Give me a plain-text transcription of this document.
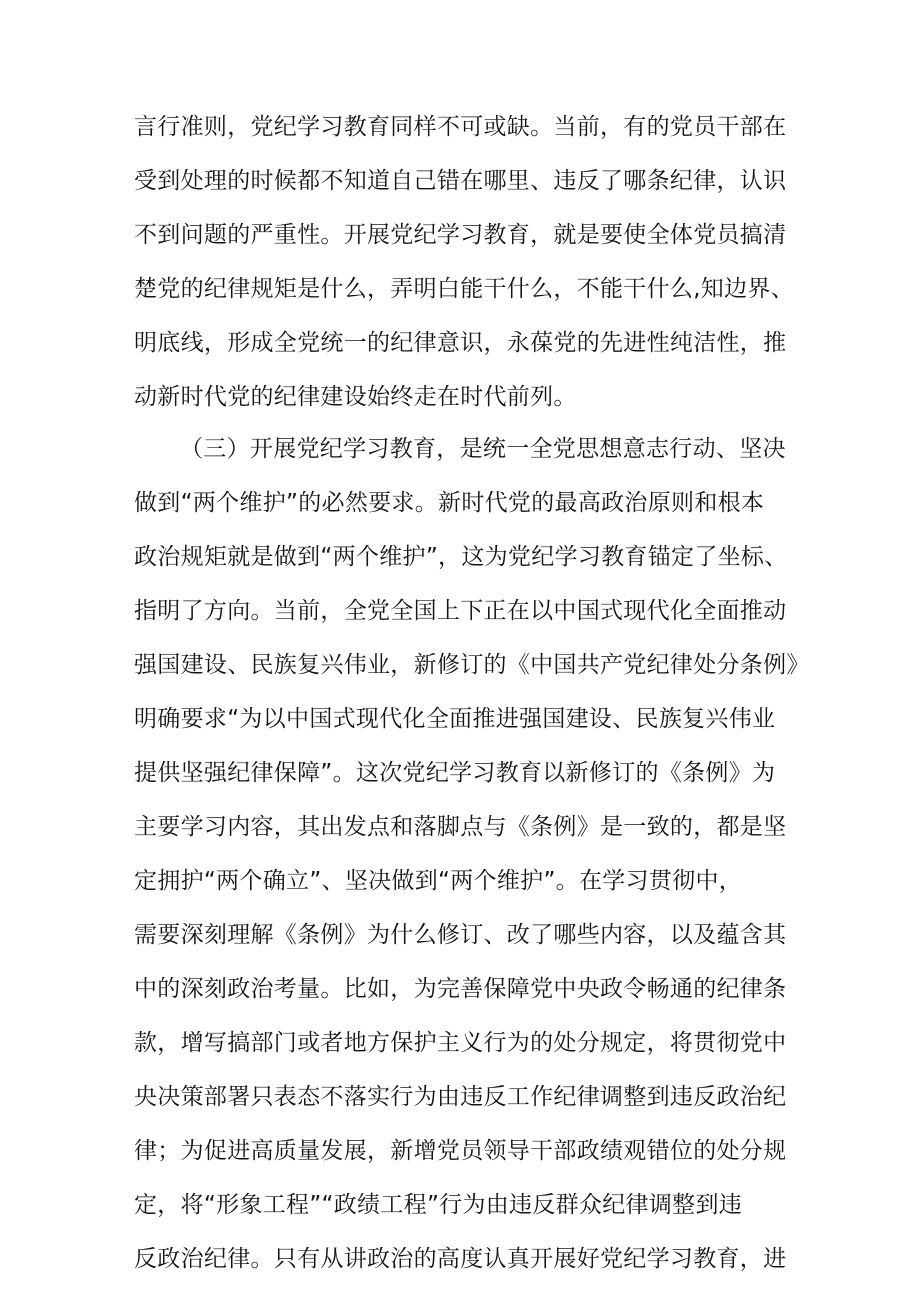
言行准则，党纪学习教育同样不可或缺。当前，有的党员干部在
受到处理的时候都不知道自己错在哪里、违反了哪条纪律，认识
不到问题的严重性。开展党纪学习教育，就是要使全体党员搞清
楚党的纪律规矩是什么，弄明白能干什么，不能干什么,知边界、
明底线，形成全党统一的纪律意识，永葆党的先进性纯洁性，推
动新时代党的纪律建设始终走在时代前列。
（三）开展党纪学习教育，是统一全党思想意志行动、坚决
做到“两个维护”的必然要求。新时代党的最高政治原则和根本
政治规矩就是做到“两个维护”，这为党纪学习教育锚定了坐标、
指明了方向。当前，全党全国上下正在以中国式现代化全面推动
强国建设、民族复兴伟业，新修订的《中国共产党纪律处分条例》
明确要求“为以中国式现代化全面推进强国建设、民族复兴伟业
提供坚强纪律保障”。这次党纪学习教育以新修订的《条例》为
主要学习内容，其出发点和落脚点与《条例》是一致的，都是坚
定拥护“两个确立”、坚决做到“两个维护”。在学习贯彻中，
需要深刻理解《条例》为什么修订、改了哪些内容，以及蕴含其
中的深刻政治考量。比如，为完善保障党中央政令畅通的纪律条
款，增写搞部门或者地方保护主义行为的处分规定，将贯彻党中
央决策部署只表态不落实行为由违反工作纪律调整到违反政治纪
律；为促进高质量发展，新增党员领导干部政绩观错位的处分规
定，将“形象工程”“政绩工程”行为由违反群众纪律调整到违
反政治纪律。只有从讲政治的高度认真开展好党纪学习教育，进
